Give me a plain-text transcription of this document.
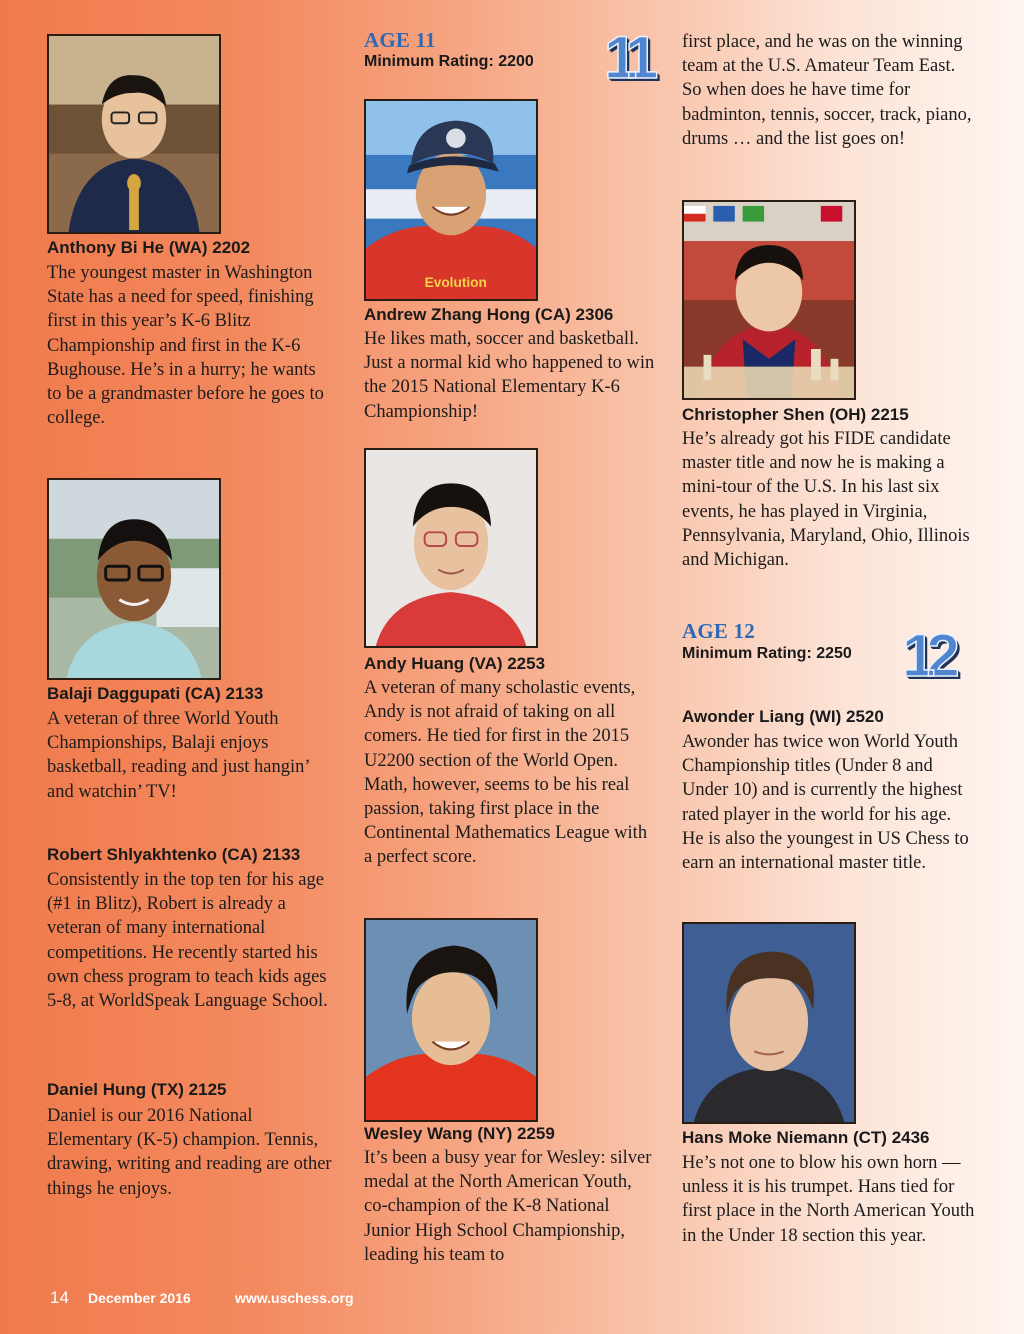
Anthony Bi He (WA) 2202
The youngest master in Washington State has a need for speed, finishing first in this year’s K-6 Blitz Championship and first in the K-6 Bughouse. He’s in a hurry; he wants to be a grandmaster before he goes to college.
Balaji Daggupati (CA) 2133
A veteran of three World Youth Championships, Balaji enjoys basketball, reading and just hangin’ and watchin’ TV!
Robert Shlyakhtenko (CA) 2133
Consistently in the top ten for his age (#1 in Blitz), Robert is already a veteran of many international competitions. He recently started his own chess program to teach kids ages 5-8, at WorldSpeak Language School.
Daniel Hung (TX) 2125
Daniel is our 2016 National Elementary (K-5) champion. Tennis, drawing, writing and reading are other things he enjoys.
AGE 11
Minimum Rating: 2200 11
Evolution
Andrew Zhang Hong (CA) 2306
He likes math, soccer and basketball. Just a normal kid who happened to win the 2015 National Elementary K-6 Championship!
Andy Huang (VA) 2253
A veteran of many scholastic events, Andy is not afraid of taking on all comers. He tied for first in the 2015 U2200 section of the World Open. Math, however, seems to be his real passion, taking first place in the Continental Mathematics League with a perfect score.
Wesley Wang (NY) 2259
It’s been a busy year for Wesley: silver medal at the North American Youth, co-champion of the K-8 National Junior High School Championship, leading his team to
first place, and he was on the winning team at the U.S. Amateur Team East. So when does he have time for badminton, tennis, soccer, track, piano, drums … and the list goes on!
Christopher Shen (OH) 2215
He’s already got his FIDE candidate master title and now he is making a mini-tour of the U.S. In his last six events, he has played in Virginia, Pennsylvania, Maryland, Ohio, Illinois and Michigan.
AGE 12
Minimum Rating: 2250 12
Awonder Liang (WI) 2520
Awonder has twice won World Youth Championship titles (Under 8 and Under 10) and is currently the highest rated player in the world for his age. He is also the youngest in US Chess to earn an international master title.
Hans Moke Niemann (CT) 2436
He’s not one to blow his own horn —unless it is his trumpet. Hans tied for first place in the North American Youth in the Under 18 section this year.
14 December 2016	www.uschess.org
